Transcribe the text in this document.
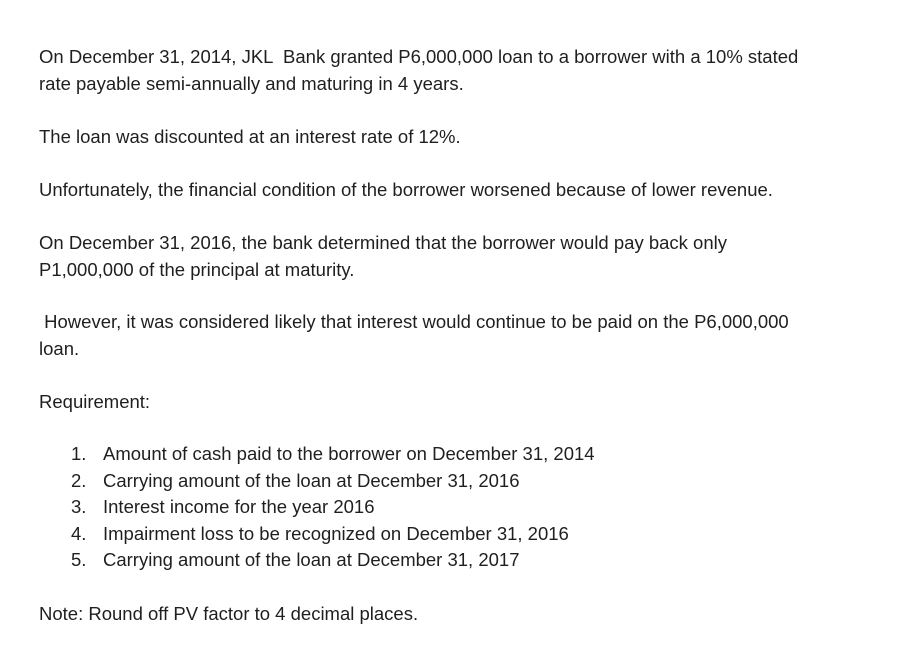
On December 31, 2014, JKL  Bank granted P6,000,000 loan to a borrower with a 10% stated
rate payable semi-annually and maturing in 4 years.

The loan was discounted at an interest rate of 12%.

Unfortunately, the financial condition of the borrower worsened because of lower revenue.

On December 31, 2016, the bank determined that the borrower would pay back only
P1,000,000 of the principal at maturity.

However, it was considered likely that interest would continue to be paid on the P6,000,000
loan.

Requirement:

1. Amount of cash paid to the borrower on December 31, 2014
2. Carrying amount of the loan at December 31, 2016
3. Interest income for the year 2016
4. Impairment loss to be recognized on December 31, 2016
5. Carrying amount of the loan at December 31, 2017

Note: Round off PV factor to 4 decimal places.
